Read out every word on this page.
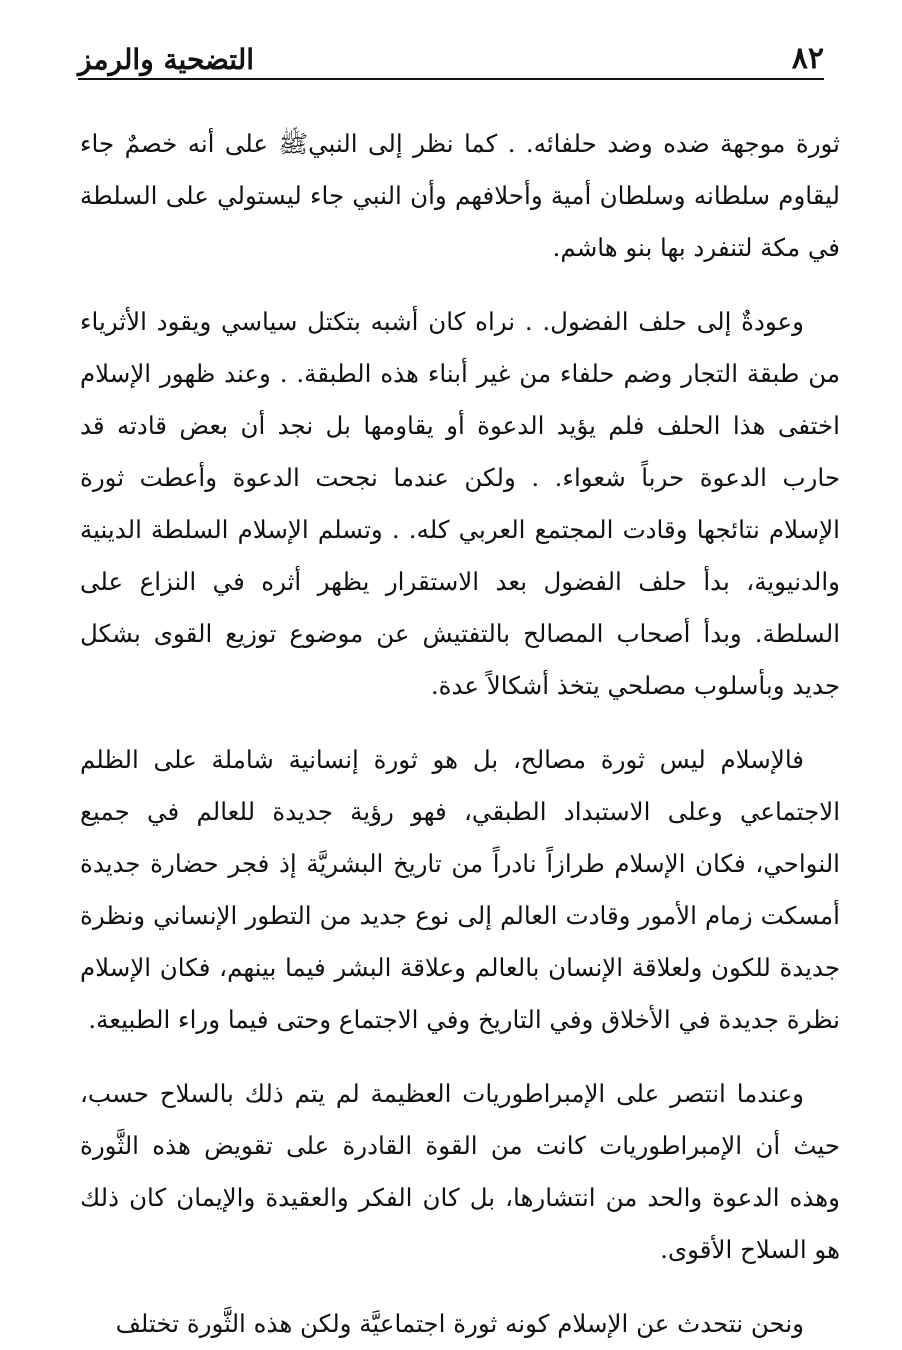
٨٢
التضحية والرمز

ثورة موجهة ضده وضد حلفائه. . كما نظر إلى النبيﷺ على أنه خصمٌ جاء ليقاوم سلطانه وسلطان أمية وأحلافهم وأن النبي جاء ليستولي على السلطة في مكة لتنفرد بها بنو هاشم.

وعودةٌ إلى حلف الفضول. . نراه كان أشبه بتكتل سياسي ويقود الأثرياء من طبقة التجار وضم حلفاء من غير أبناء هذه الطبقة. . وعند ظهور الإسلام اختفى هذا الحلف فلم يؤيد الدعوة أو يقاومها بل نجد أن بعض قادته قد حارب الدعوة حرباً شعواء. . ولكن عندما نجحت الدعوة وأعطت ثورة الإسلام نتائجها وقادت المجتمع العربي كله. . وتسلم الإسلام السلطة الدينية والدنيوية، بدأ حلف الفضول بعد الاستقرار يظهر أثره في النزاع على السلطة. وبدأ أصحاب المصالح بالتفتيش عن موضوع توزيع القوى بشكل جديد وبأسلوب مصلحي يتخذ أشكالاً عدة.

فالإسلام ليس ثورة مصالح، بل هو ثورة إنسانية شاملة على الظلم الاجتماعي وعلى الاستبداد الطبقي، فهو رؤية جديدة للعالم في جميع النواحي، فكان الإسلام طرازاً نادراً من تاريخ البشريَّة إذ فجر حضارة جديدة أمسكت زمام الأمور وقادت العالم إلى نوع جديد من التطور الإنساني ونظرة جديدة للكون ولعلاقة الإنسان بالعالم وعلاقة البشر فيما بينهم، فكان الإسلام نظرة جديدة في الأخلاق وفي التاريخ وفي الاجتماع وحتى فيما وراء الطبيعة.

وعندما انتصر على الإمبراطوريات العظيمة لم يتم ذلك بالسلاح حسب، حيث أن الإمبراطوريات كانت من القوة القادرة على تقويض هذه الثَّورة وهذه الدعوة والحد من انتشارها، بل كان الفكر والعقيدة والإيمان كان ذلك هو السلاح الأقوى.

ونحن نتحدث عن الإسلام كونه ثورة اجتماعيَّة ولكن هذه الثَّورة تختلف
